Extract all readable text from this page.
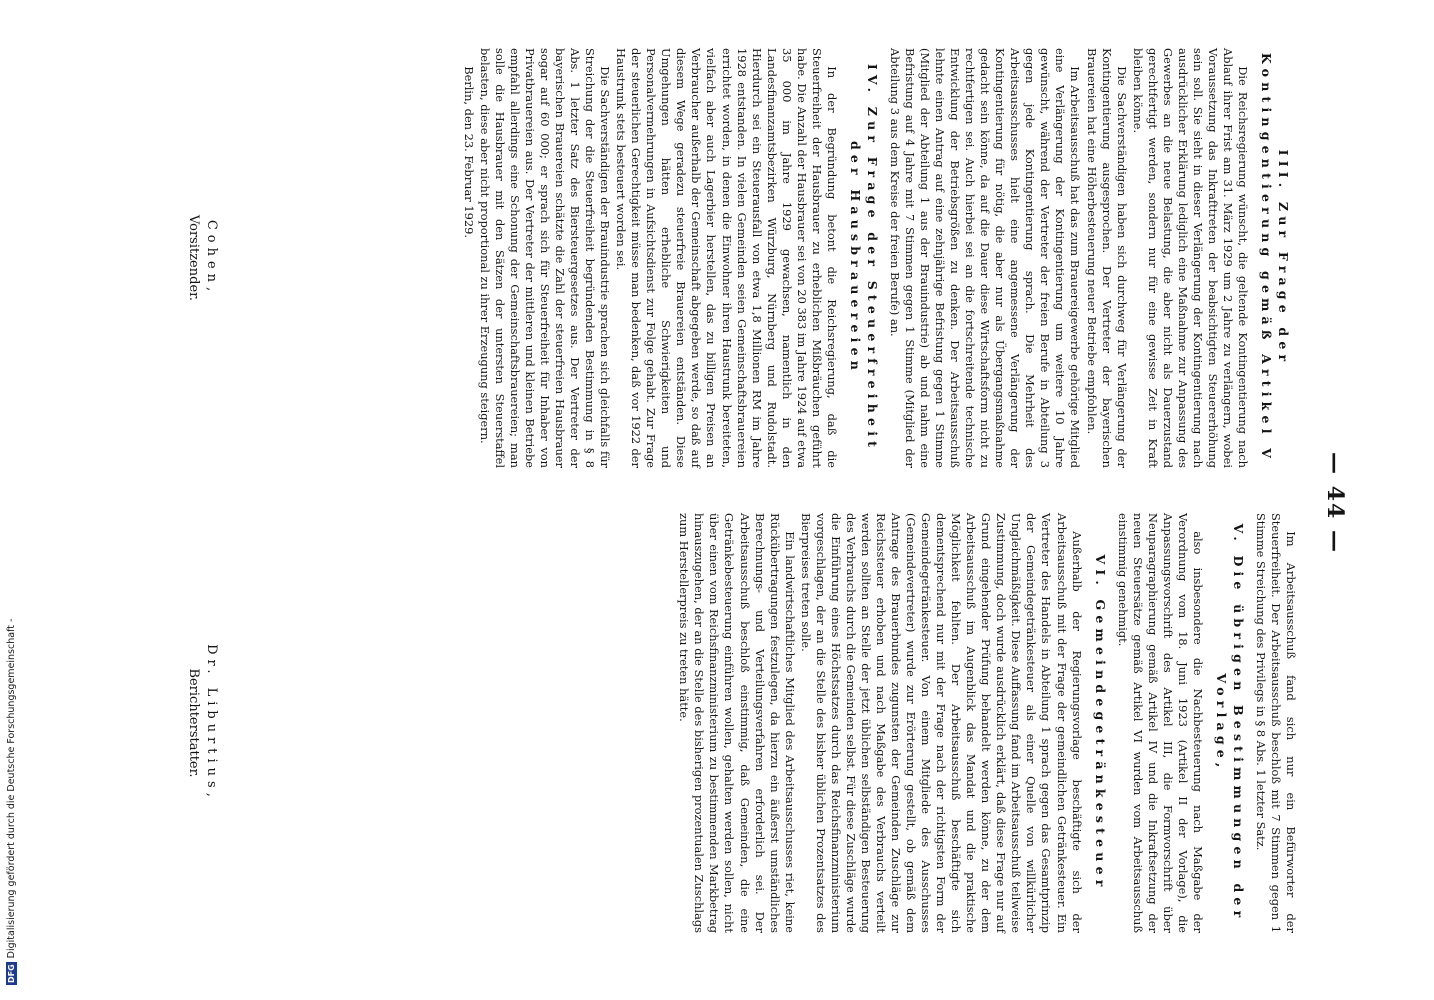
— 44 —
III. Zur Frage der Kontingentierung gemäß Artikel V

Die Reichsregierung wünscht, die geltende Kontingentierung nach Ablauf ihrer Frist am 31. März 1929 um 2 Jahre zu verlängern, wobei Voraussetzung das Inkrafttreten der beabsichtigten Steuererhöhung sein soll. Sie sieht in dieser Verlängerung der Kontingentierung nach ausdrücklicher Erklärung lediglich eine Maßnahme zur Anpassung des Gewerbes an die neue Belastung, die aber nicht als Dauerzustand gerechtfertigt werden, sondern nur für eine gewisse Zeit in Kraft bleiben könne.

Die Sachverständigen haben sich durchweg für Verlängerung der Kontingentierung ausgesprochen. Der Vertreter der bayerischen Brauereien hat eine Höherbesteuerung neuer Betriebe empfohlen.

Im Arbeitsausschuß hat das zum Brauereigewerbe gehörige Mitglied eine Verlängerung der Kontingentierung um weitere 10 Jahre gewünscht, während der Vertreter der freien Berufe in Abteilung 3 gegen jede Kontingentierung sprach. Die Mehrheit des Arbeitsausschusses hielt eine angemessene Verlängerung der Kontingentierung für nötig, die aber nur als Übergangsmaßnahme gedacht sein könne, da auf die Dauer diese Wirtschaftsform nicht zu rechtfertigen sei. Auch hierbei sei an die fortschreitende technische Entwicklung der Betriebsgrößen zu denken. Der Arbeitsausschuß lehnte einen Antrag auf eine zehnjährige Befristung gegen 1 Stimme (Mitglied der Abteilung 1 aus der Brauindustrie) ab und nahm eine Befristung auf 4 Jahre mit 7 Stimmen gegen 1 Stimme (Mitglied der Abteilung 3 aus dem Kreise der freien Berufe) an.

IV. Zur Frage der Steuerfreiheit der Hausbrauereien

In der Begründung betont die Reichsregierung, daß die Steuerfreiheit der Hausbrauer zu erheblichen Mißbräuchen geführt habe. Die Anzahl der Hausbrauer sei von 20 383 im Jahre 1924 auf etwa 35 000 im Jahre 1929 gewachsen, namentlich in den Landesfinanzamtsbezirken Würzburg, Nürnberg und Rudolstadt. Hierdurch sei ein Steuerausfall von etwa 1,8 Millionen RM im Jahre 1928 entstanden. In vielen Gemeinden seien Gemeinschaftsbrauereien errichtet worden, in denen die Einwohner ihren Haustrunk bereiteten, vielfach aber auch Lagerbier herstellen, das zu billigen Preisen an Verbraucher außerhalb der Gemeinschaft abgegeben werde, so daß auf diesem Wege geradezu steuerfreie Brauereien entständen. Diese Umgehungen hätten erhebliche Schwierigkeiten und Personalvermehrungen in Aufsichtsdienst zur Folge gehabt. Zur Frage der steuerlichen Gerechtigkeit müsse man bedenken, daß vor 1922 der Haustrunk stets besteuert worden sei.

Die Sachverständigen der Brauindustrie sprachen sich gleichfalls für Streichung der die Steuerfreiheit begründenden Bestimmung in § 8 Abs. 1 letzter Satz des Biersteuergesetzes aus. Der Vertreter der bayerischen Brauereien schätzte die Zahl der steuerfreien Hausbrauer sogar auf 60 000; er sprach sich für Steuerfreiheit für Inhaber von Privatbrauereien aus. Der Vertreter der mittleren und kleinen Betriebe empfahl allerdings eine Schonung der Gemeinschaftsbrauereien; man solle die Hausbrauer mit den Sätzen der untersten Steuerstaffel belasten, diese aber nicht proportional zu ihrer Erzeugung steigern.

Berlin, den 23. Februar 1929.

Im Arbeitsausschuß fand sich nur ein Befürworter der Steuerfreiheit. Der Arbeitsausschuß beschloß mit 7 Stimmen gegen 1 Stimme Streichung des Privilegs in § 8 Abs. 1 letzter Satz.

V. Die übrigen Bestimmungen der Vorlage,

also insbesondere die Nachbesteuerung nach Maßgabe der Verordnung vom 18. Juni 1923 (Artikel II der Vorlage), die Anpassungsvorschrift des Artikel III, die Formvorschrift über Neuparagraphierung gemäß Artikel IV und die Inkraftsetzung der neuen Steuersätze gemäß Artikel VI wurden vom Arbeitsausschuß einstimmig genehmigt.

VI. Gemeindegetränkesteuer

Außerhalb der Regierungsvorlage beschäftigte sich der Arbeitsausschuß mit der Frage der gemeindlichen Getränkesteuer. Ein Vertreter des Handels in Abteilung 1 sprach gegen das Gesamtprinzip der Gemeindegetränkesteuer als einer Quelle von willkürlicher Ungleichmäßigkeit. Diese Auffassung fand im Arbeitsausschuß teilweise Zustimmung, doch wurde ausdrücklich erklärt, daß diese Frage nur auf Grund eingehender Prüfung behandelt werden könne, zu der dem Arbeitsausschuß im Augenblick das Mandat und die praktische Möglichkeit fehlten. Der Arbeitsausschuß beschäftigte sich dementsprechend nur mit der Frage nach der richtigsten Form der Gemeindegetränkesteuer. Von einem Mitgliede des Ausschusses (Gemeindevertreter) wurde zur Erörterung gestellt, ob gemäß dem Antrage des Brauerbundes zugunsten der Gemeinden Zuschläge zur Reichssteuer erhoben und nach Maßgabe des Verbrauchs verteilt werden sollten an Stelle der jetzt üblichen selbständigen Besteuerung des Verbrauchs durch die Gemeinden selbst. Für diese Zuschläge wurde die Einführung eines Höchstsatzes durch das Reichsfinanzministerium vorgeschlagen, der an die Stelle des bisher üblichen Prozentsatzes des Bierpreises treten solle.

Ein landwirtschaftliches Mitglied des Arbeitsausschusses riet, keine Rückübertragungen festzulegen, da hierzu ein äußerst umständliches Berechnungs- und Verteilungsverfahren erforderlich sei. Der Arbeitsausschuß beschloß einstimmig, daß Gemeinden, die eine Getränkebesteuerung einführen wollen, gehalten werden sollen, nicht über einen vom Reichsfinanzministerium zu bestimmenden Markbetrag hinauszugehen, der an die Stelle des bisherigen prozentualen Zuschlags zum Herstellerpreis zu treten hätte.

Cohen,
Vorsitzender.
Dr. Liburtius,
Berichterstatter.
DFGDigitalisierung gefördert durch die Deutsche Forschungsgemeinschaft -
